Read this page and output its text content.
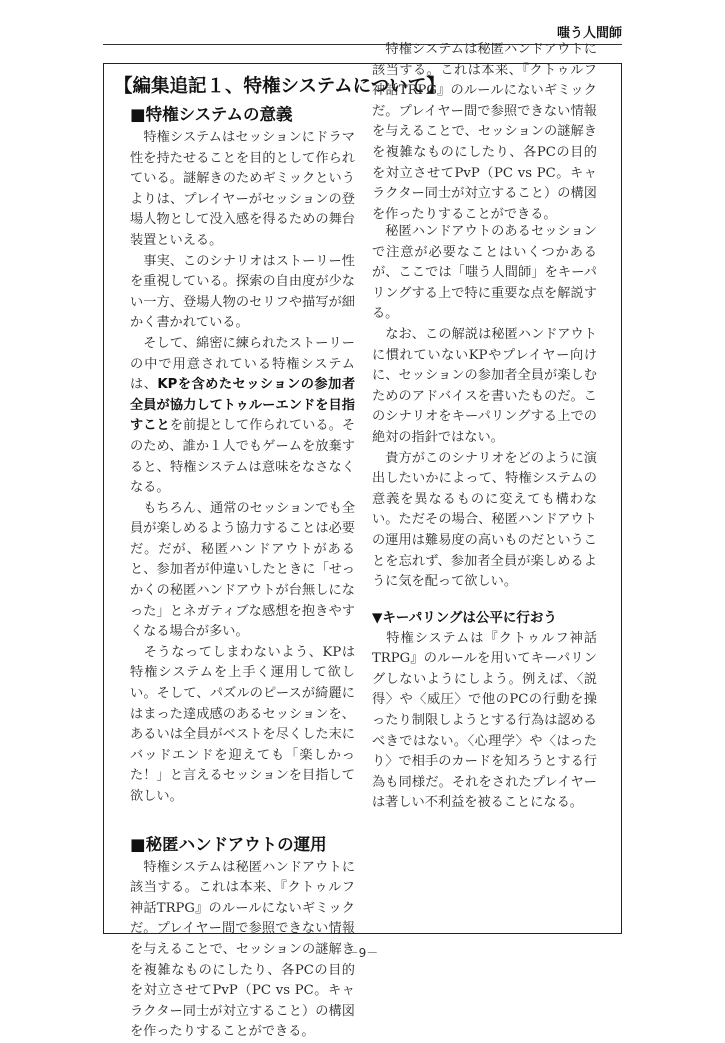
嗤う人間師
【編集追記１、特権システムについて】
■特権システムの意義

　特権システムはセッションにドラマ性を持たせることを目的として作られている。謎解きのためギミックというよりは、プレイヤーがセッションの登場人物として没入感を得るための舞台装置といえる。

　事実、このシナリオはストーリー性を重視している。探索の自由度が少ない一方、登場人物のセリフや描写が細かく書かれている。

　そして、綿密に練られたストーリーの中で用意されている特権システムは、KPを含めたセッションの参加者全員が協力してトゥルーエンドを目指すことを前提として作られている。そのため、誰か１人でもゲームを放棄すると、特権システムは意味をなさなくなる。

　もちろん、通常のセッションでも全員が楽しめるよう協力することは必要だ。だが、秘匿ハンドアウトがあると、参加者が仲違いしたときに「せっかくの秘匿ハンドアウトが台無しになった」とネガティブな感想を抱きやすくなる場合が多い。

　そうなってしまわないよう、KPは特権システムを上手く運用して欲しい。そして、パズルのピースが綺麗にはまった達成感のあるセッションを、あるいは全員がベストを尽くした末にバッドエンドを迎えても「楽しかった！」と言えるセッションを目指して欲しい。

■秘匿ハンドアウトの運用

　特権システムは秘匿ハンドアウトに該当する。これは本来、『クトゥルフ神話TRPG』のルールにないギミックだ。プレイヤー間で参照できない情報を与えることで、セッションの謎解きを複雑なものにしたり、各PCの目的を対立させてPvP（PC vs PC。キャラクター同士が対立すること）の構図を作ったりすることができる。

　特権システムは秘匿ハンドアウトに該当する。これは本来、『クトゥルフ神話TRPG』のルールにないギミックだ。プレイヤー間で参照できない情報を与えることで、セッションの謎解きを複雑なものにしたり、各PCの目的を対立させてPvP（PC vs PC。キャラクター同士が対立すること）の構図を作ったりすることができる。

　秘匿ハンドアウトのあるセッションで注意が必要なことはいくつかあるが、ここでは「嗤う人間師」をキーパリングする上で特に重要な点を解説する。

　なお、この解説は秘匿ハンドアウトに慣れていないKPやプレイヤー向けに、セッションの参加者全員が楽しむためのアドバイスを書いたものだ。このシナリオをキーパリングする上での絶対の指針ではない。

　貴方がこのシナリオをどのように演出したいかによって、特権システムの意義を異なるものに変えても構わない。ただその場合、秘匿ハンドアウトの運用は難易度の高いものだということを忘れず、参加者全員が楽しめるように気を配って欲しい。

▼キーパリングは公平に行おう

　特権システムは『クトゥルフ神話TRPG』のルールを用いてキーパリングしないようにしよう。例えば、〈説得〉や〈威圧〉で他のPCの行動を操ったり制限しようとする行為は認めるべきではない。〈心理学〉や〈はったり〉で相手のカードを知ろうとする行為も同様だ。それをされたプレイヤーは著しい不利益を被ることになる。

－9－
